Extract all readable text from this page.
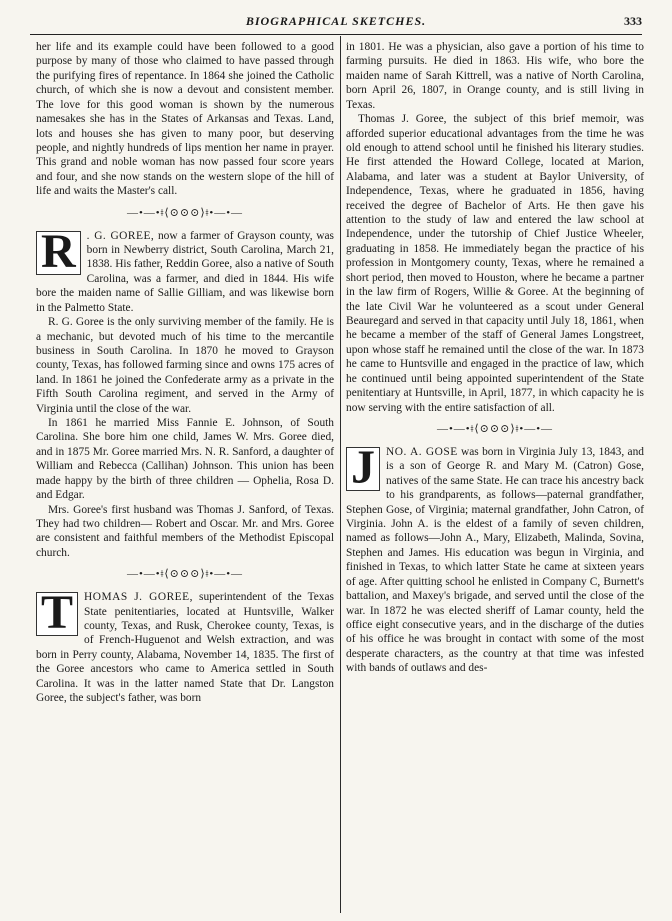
BIOGRAPHICAL SKETCHES.	333

her life and its example could have been followed to a good purpose by many of those who claimed to have passed through the purifying fires of repentance. In 1864 she joined the Catholic church, of which she is now a devout and consistent member. The love for this good woman is shown by the numerous namesakes she has in the States of Arkansas and Texas. Land, lots and houses she has given to many poor, but deserving people, and nightly hundreds of lips mention her name in prayer. This grand and noble woman has now passed four score years and four, and she now stands on the western slope of the hill of life and waits the Master's call.

—•—•ǂ⟨⊙⊙⊙⟩ǂ•—•—

R . G. GOREE, now a farmer of Grayson county, was born in Newberry district, South Carolina, March 21, 1838. His father, Reddin Goree, also a native of South Carolina, was a farmer, and died in 1844. His wife bore the maiden name of Sallie Gilliam, and was likewise born in the Palmetto State.

R. G. Goree is the only surviving member of the family. He is a mechanic, but devoted much of his time to the mercantile business in South Carolina. In 1870 he moved to Grayson county, Texas, has followed farming since and owns 175 acres of land. In 1861 he joined the Confederate army as a private in the Fifth South Carolina regiment, and served in the Army of Virginia until the close of the war.

In 1861 he married Miss Fannie E. Johnson, of South Carolina. She bore him one child, James W. Mrs. Goree died, and in 1875 Mr. Goree married Mrs. N. R. Sanford, a daughter of William and Rebecca (Callihan) Johnson. This union has been made happy by the birth of three children — Ophelia, Rosa D. and Edgar.

Mrs. Goree's first husband was Thomas J. Sanford, of Texas. They had two children— Robert and Oscar. Mr. and Mrs. Goree are consistent and faithful members of the Methodist Episcopal church.

—•—•ǂ⟨⊙⊙⊙⟩ǂ•—•—

T HOMAS J. GOREE, superintendent of the Texas State penitentiaries, located at Huntsville, Walker county, Texas, and Rusk, Cherokee county, Texas, is of French-Huguenot and Welsh extraction, and was born in Perry county, Alabama, November 14, 1835. The first of the Goree ancestors who came to America settled in South Carolina. It was in the latter named State that Dr. Langston Goree, the subject's father, was born

in 1801. He was a physician, also gave a portion of his time to farming pursuits. He died in 1863. His wife, who bore the maiden name of Sarah Kittrell, was a native of North Carolina, born April 26, 1807, in Orange county, and is still living in Texas.

Thomas J. Goree, the subject of this brief memoir, was afforded superior educational advantages from the time he was old enough to attend school until he finished his literary studies. He first attended the Howard College, located at Marion, Alabama, and later was a student at Baylor University, of Independence, Texas, where he graduated in 1856, having received the degree of Bachelor of Arts. He then gave his attention to the study of law and entered the law school at Independence, under the tutorship of Chief Justice Wheeler, graduating in 1858. He immediately began the practice of his profession in Montgomery county, Texas, where he remained a short period, then moved to Houston, where he became a partner in the law firm of Rogers, Willie & Goree. At the beginning of the late Civil War he volunteered as a scout under General Beauregard and served in that capacity until July 18, 1861, when he became a member of the staff of General James Longstreet, upon whose staff he remained until the close of the war. In 1873 he came to Huntsville and engaged in the practice of law, which he continued until being appointed superintendent of the State penitentiary at Huntsville, in April, 1877, in which capacity he is now serving with the entire satisfaction of all.

—•—•ǂ⟨⊙⊙⊙⟩ǂ•—•—

J NO. A. GOSE was born in Virginia July 13, 1843, and is a son of George R. and Mary M. (Catron) Gose, natives of the same State. He can trace his ancestry back to his grandparents, as follows—paternal grandfather, Stephen Gose, of Virginia; maternal grandfather, John Catron, of Virginia. John A. is the eldest of a family of seven children, named as follows—John A., Mary, Elizabeth, Malinda, Sovina, Stephen and James. His education was begun in Virginia, and finished in Texas, to which latter State he came at sixteen years of age. After quitting school he enlisted in Company C, Burnett's battalion, and Maxey's brigade, and served until the close of the war. In 1872 he was elected sheriff of Lamar county, held the office eight consecutive years, and in the discharge of the duties of his office he was brought in contact with some of the most desperate characters, as the country at that time was infested with bands of outlaws and des-
